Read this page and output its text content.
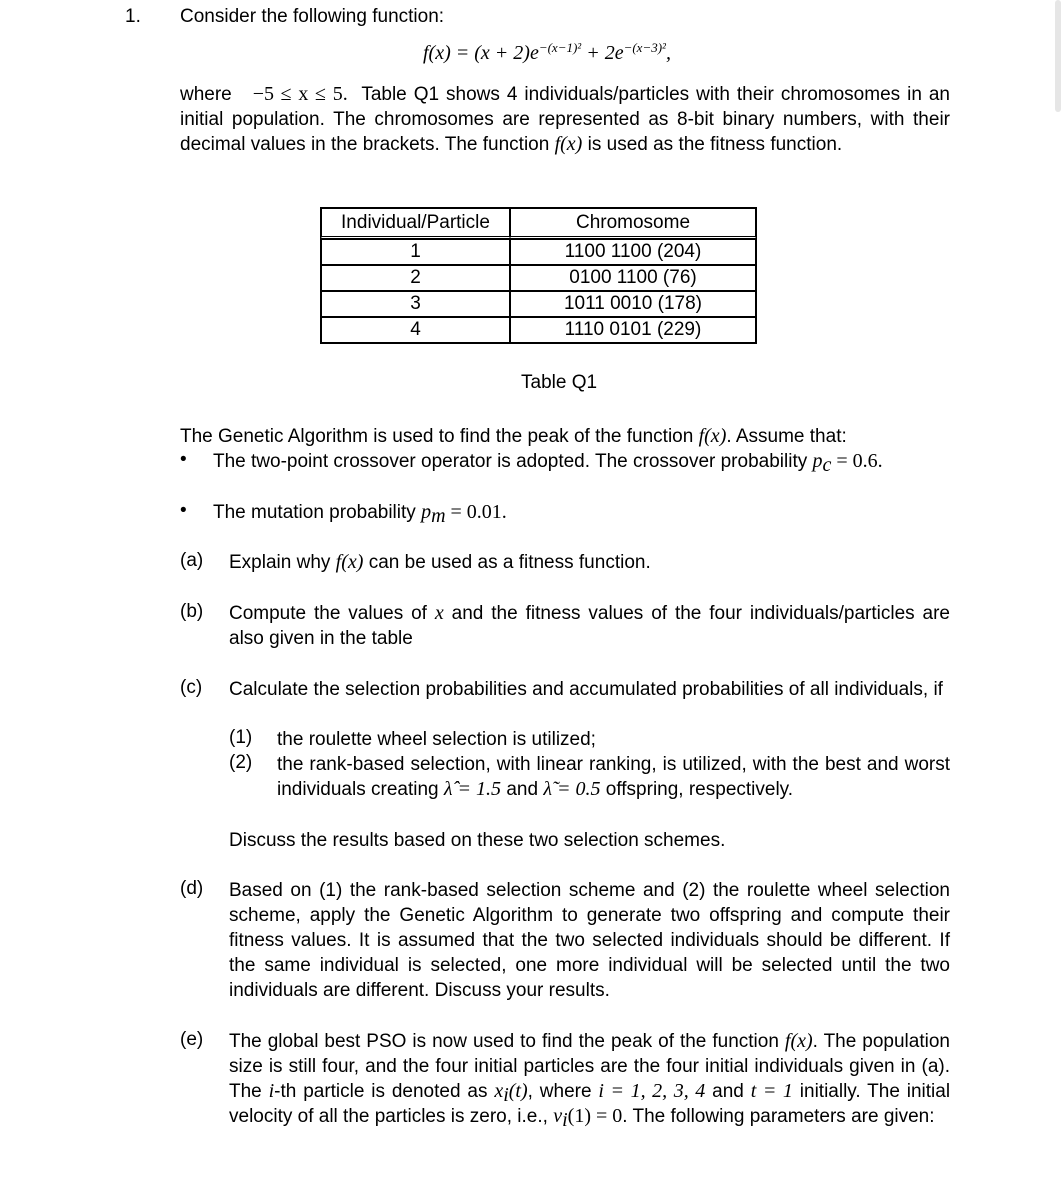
1. Consider the following function:
$f(x) = (x + 2)e^{-(x-1)^2} + 2e^{-(x-3)^2}$,

where −5 ≤ x ≤ 5. Table Q1 shows 4 individuals/particles with their chromosomes in an initial population. The chromosomes are represented as 8-bit binary numbers, with their decimal values in the brackets. The function f(x) is used as the fitness function.

Individual/Particle	Chromosome
1	1100 1100 (204)
2	0100 1100 (76)
3	1011 0010 (178)
4	1110 0101 (229)
Table Q1

The Genetic Algorithm is used to find the peak of the function f(x). Assume that:

• The two-point crossover operator is adopted. The crossover probability $p_c = 0.6$.
• The mutation probability $p_m = 0.01$.
(a) Explain why f(x) can be used as a fitness function.
(b) Compute the values of x and the fitness values of the four individuals/particles are also given in the table
(c) Calculate the selection probabilities and accumulated probabilities of all individuals, if
(1) the roulette wheel selection is utilized;
(2) the rank-based selection, with linear ranking, is utilized, with the best and worst individuals creating λ̂ = 1.5 and λ̃ = 0.5 offspring, respectively.
Discuss the results based on these two selection schemes.
(d) Based on (1) the rank-based selection scheme and (2) the roulette wheel selection scheme, apply the Genetic Algorithm to generate two offspring and compute their fitness values. It is assumed that the two selected individuals should be different. If the same individual is selected, one more individual will be selected until the two individuals are different. Discuss your results.
(e) The global best PSO is now used to find the peak of the function f(x). The population size is still four, and the four initial particles are the four initial individuals given in (a). The i-th particle is denoted as $x_i(t)$, where i = 1, 2, 3, 4 and t = 1 initially. The initial velocity of all the particles is zero, i.e., $v_i(1) = 0$. The following parameters are given:
